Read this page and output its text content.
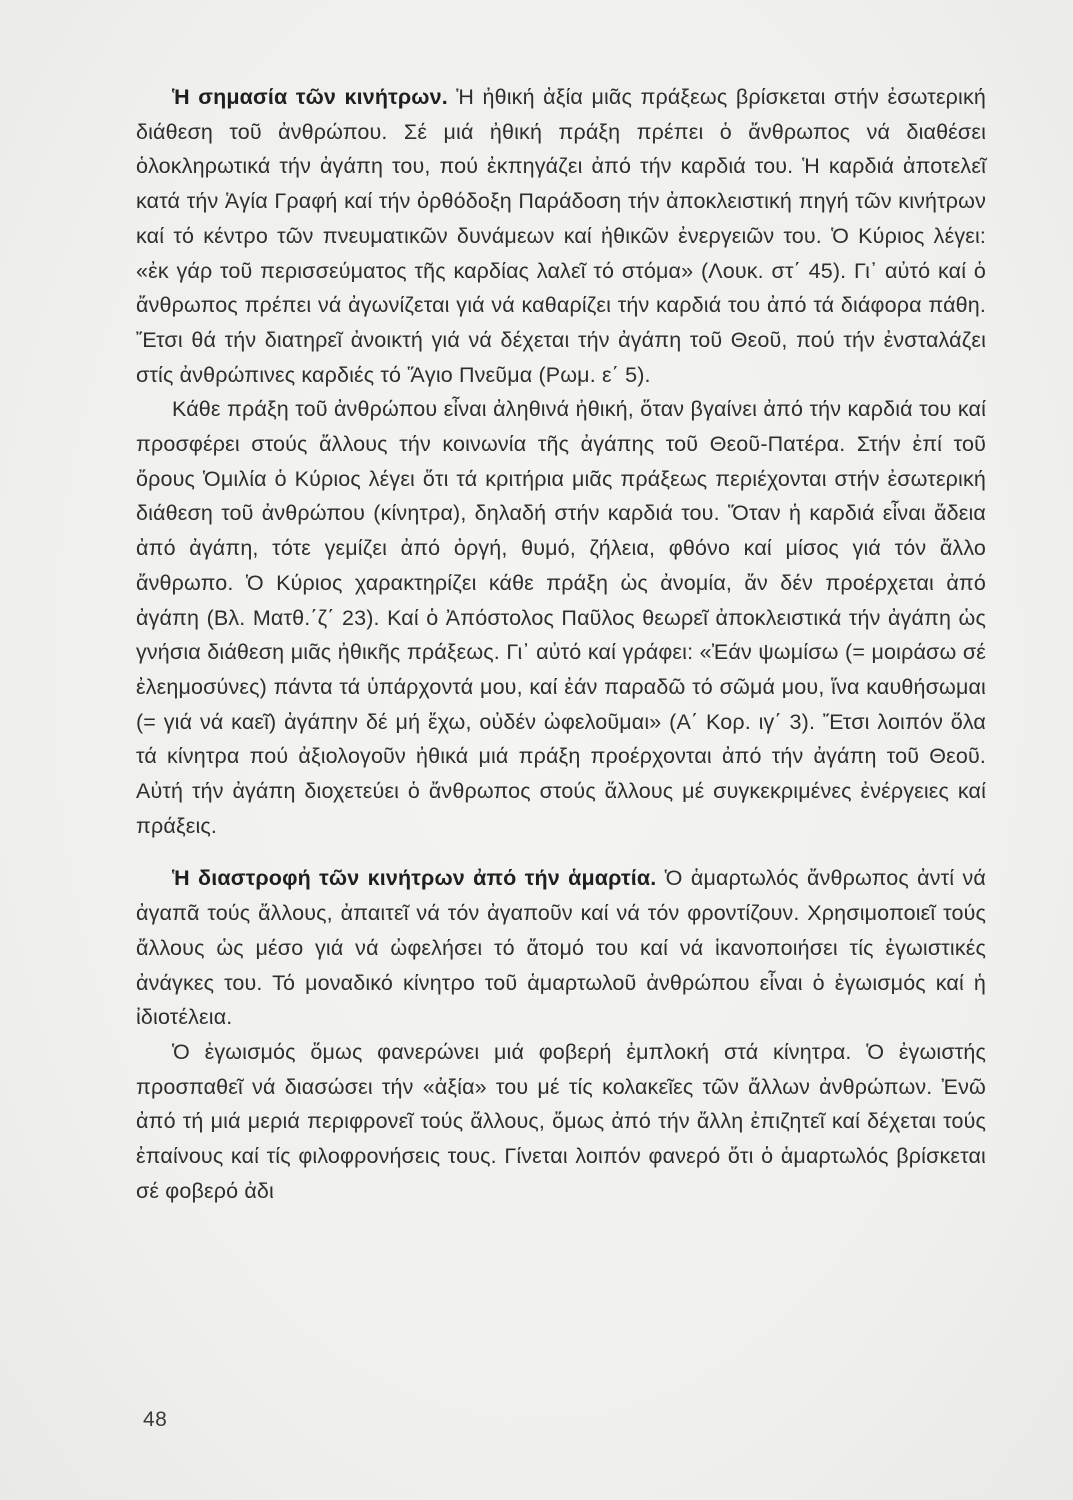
Ἡ σημασία τῶν κινήτρων. Ἡ ἠθική ἀξία μιᾶς πράξεως βρίσκεται στήν ἐσωτερική διάθεση τοῦ ἀνθρώπου. Σέ μιά ἠθική πράξη πρέπει ὁ ἄνθρωπος νά διαθέσει ὁλοκληρωτικά τήν ἀγάπη του, πού ἐκπηγάζει ἀπό τήν καρδιά του. Ἡ καρδιά ἀποτελεῖ κατά τήν Ἁγία Γραφή καί τήν ὀρθόδοξη Παράδοση τήν ἀποκλειστική πηγή τῶν κινήτρων καί τό κέντρο τῶν πνευματικῶν δυνάμεων καί ἠθικῶν ἐνεργειῶν του. Ὁ Κύριος λέγει: «ἐκ γάρ τοῦ περισσεύματος τῆς καρδίας λαλεῖ τό στόμα» (Λουκ. στ΄ 45). Γι᾿ αὐτό καί ὁ ἄνθρωπος πρέπει νά ἀγωνίζεται γιά νά καθαρίζει τήν καρδιά του ἀπό τά διάφορα πάθη. Ἔτσι θά τήν διατηρεῖ ἀνοικτή γιά νά δέχεται τήν ἀγάπη τοῦ Θεοῦ, πού τήν ἐνσταλάζει στίς ἀνθρώπινες καρδιές τό Ἅγιο Πνεῦμα (Ρωμ. ε΄ 5).

Κάθε πράξη τοῦ ἀνθρώπου εἶναι ἀληθινά ἠθική, ὅταν βγαίνει ἀπό τήν καρδιά του καί προσφέρει στούς ἄλλους τήν κοινωνία τῆς ἀγάπης τοῦ Θεοῦ-Πατέρα. Στήν ἐπί τοῦ ὄρους Ὁμιλία ὁ Κύριος λέγει ὅτι τά κριτήρια μιᾶς πράξεως περιέχονται στήν ἐσωτερική διάθεση τοῦ ἀνθρώπου (κίνητρα), δηλαδή στήν καρδιά του. Ὅταν ἡ καρδιά εἶναι ἄδεια ἀπό ἀγάπη, τότε γεμίζει ἀπό ὀργή, θυμό, ζήλεια, φθόνο καί μίσος γιά τόν ἄλλο ἄνθρωπο. Ὁ Κύριος χαρακτηρίζει κάθε πράξη ὡς ἀνομία, ἄν δέν προέρχεται ἀπό ἀγάπη (Βλ. Ματθ.΄ζ΄ 23). Καί ὁ Ἀπόστολος Παῦλος θεωρεῖ ἀποκλειστικά τήν ἀγάπη ὡς γνήσια διάθεση μιᾶς ἠθικῆς πράξεως. Γι᾿ αὐτό καί γράφει: «Ἐάν ψωμίσω (= μοιράσω σέ ἐλεημοσύνες) πάντα τά ὑπάρχοντά μου, καί ἐάν παραδῶ τό σῶμά μου, ἵνα καυθήσωμαι (= γιά νά καεῖ) ἀγάπην δέ μή ἔχω, οὐδέν ὠφελοῦμαι» (Α΄ Κορ. ιγ΄ 3). Ἔτσι λοιπόν ὅλα τά κίνητρα πού ἀξιολογοῦν ἠθικά μιά πράξη προέρχονται ἀπό τήν ἀγάπη τοῦ Θεοῦ. Αὐτή τήν ἀγάπη διοχετεύει ὁ ἄνθρωπος στούς ἄλλους μέ συγκεκριμένες ἐνέργειες καί πράξεις.

Ἡ διαστροφή τῶν κινήτρων ἀπό τήν ἁμαρτία. Ὁ ἁμαρτωλός ἄνθρωπος ἀντί νά ἀγαπᾶ τούς ἄλλους, ἀπαιτεῖ νά τόν ἀγαποῦν καί νά τόν φροντίζουν. Χρησιμοποιεῖ τούς ἄλλους ὡς μέσο γιά νά ὠφελήσει τό ἄτομό του καί νά ἱκανοποιήσει τίς ἐγωιστικές ἀνάγκες του. Τό μοναδικό κίνητρο τοῦ ἁμαρτωλοῦ ἀνθρώπου εἶναι ὁ ἐγωισμός καί ἡ ἰδιοτέλεια.

Ὁ ἐγωισμός ὅμως φανερώνει μιά φοβερή ἐμπλοκή στά κίνητρα. Ὁ ἐγωιστής προσπαθεῖ νά διασώσει τήν «ἀξία» του μέ τίς κολακεῖες τῶν ἄλλων ἀνθρώπων. Ἐνῶ ἀπό τή μιά μεριά περιφρονεῖ τούς ἄλλους, ὅμως ἀπό τήν ἄλλη ἐπιζητεῖ καί δέχεται τούς ἐπαίνους καί τίς φιλοφρονήσεις τους. Γίνεται λοιπόν φανερό ὅτι ὁ ἁμαρτωλός βρίσκεται σέ φοβερό ἀδι

48
